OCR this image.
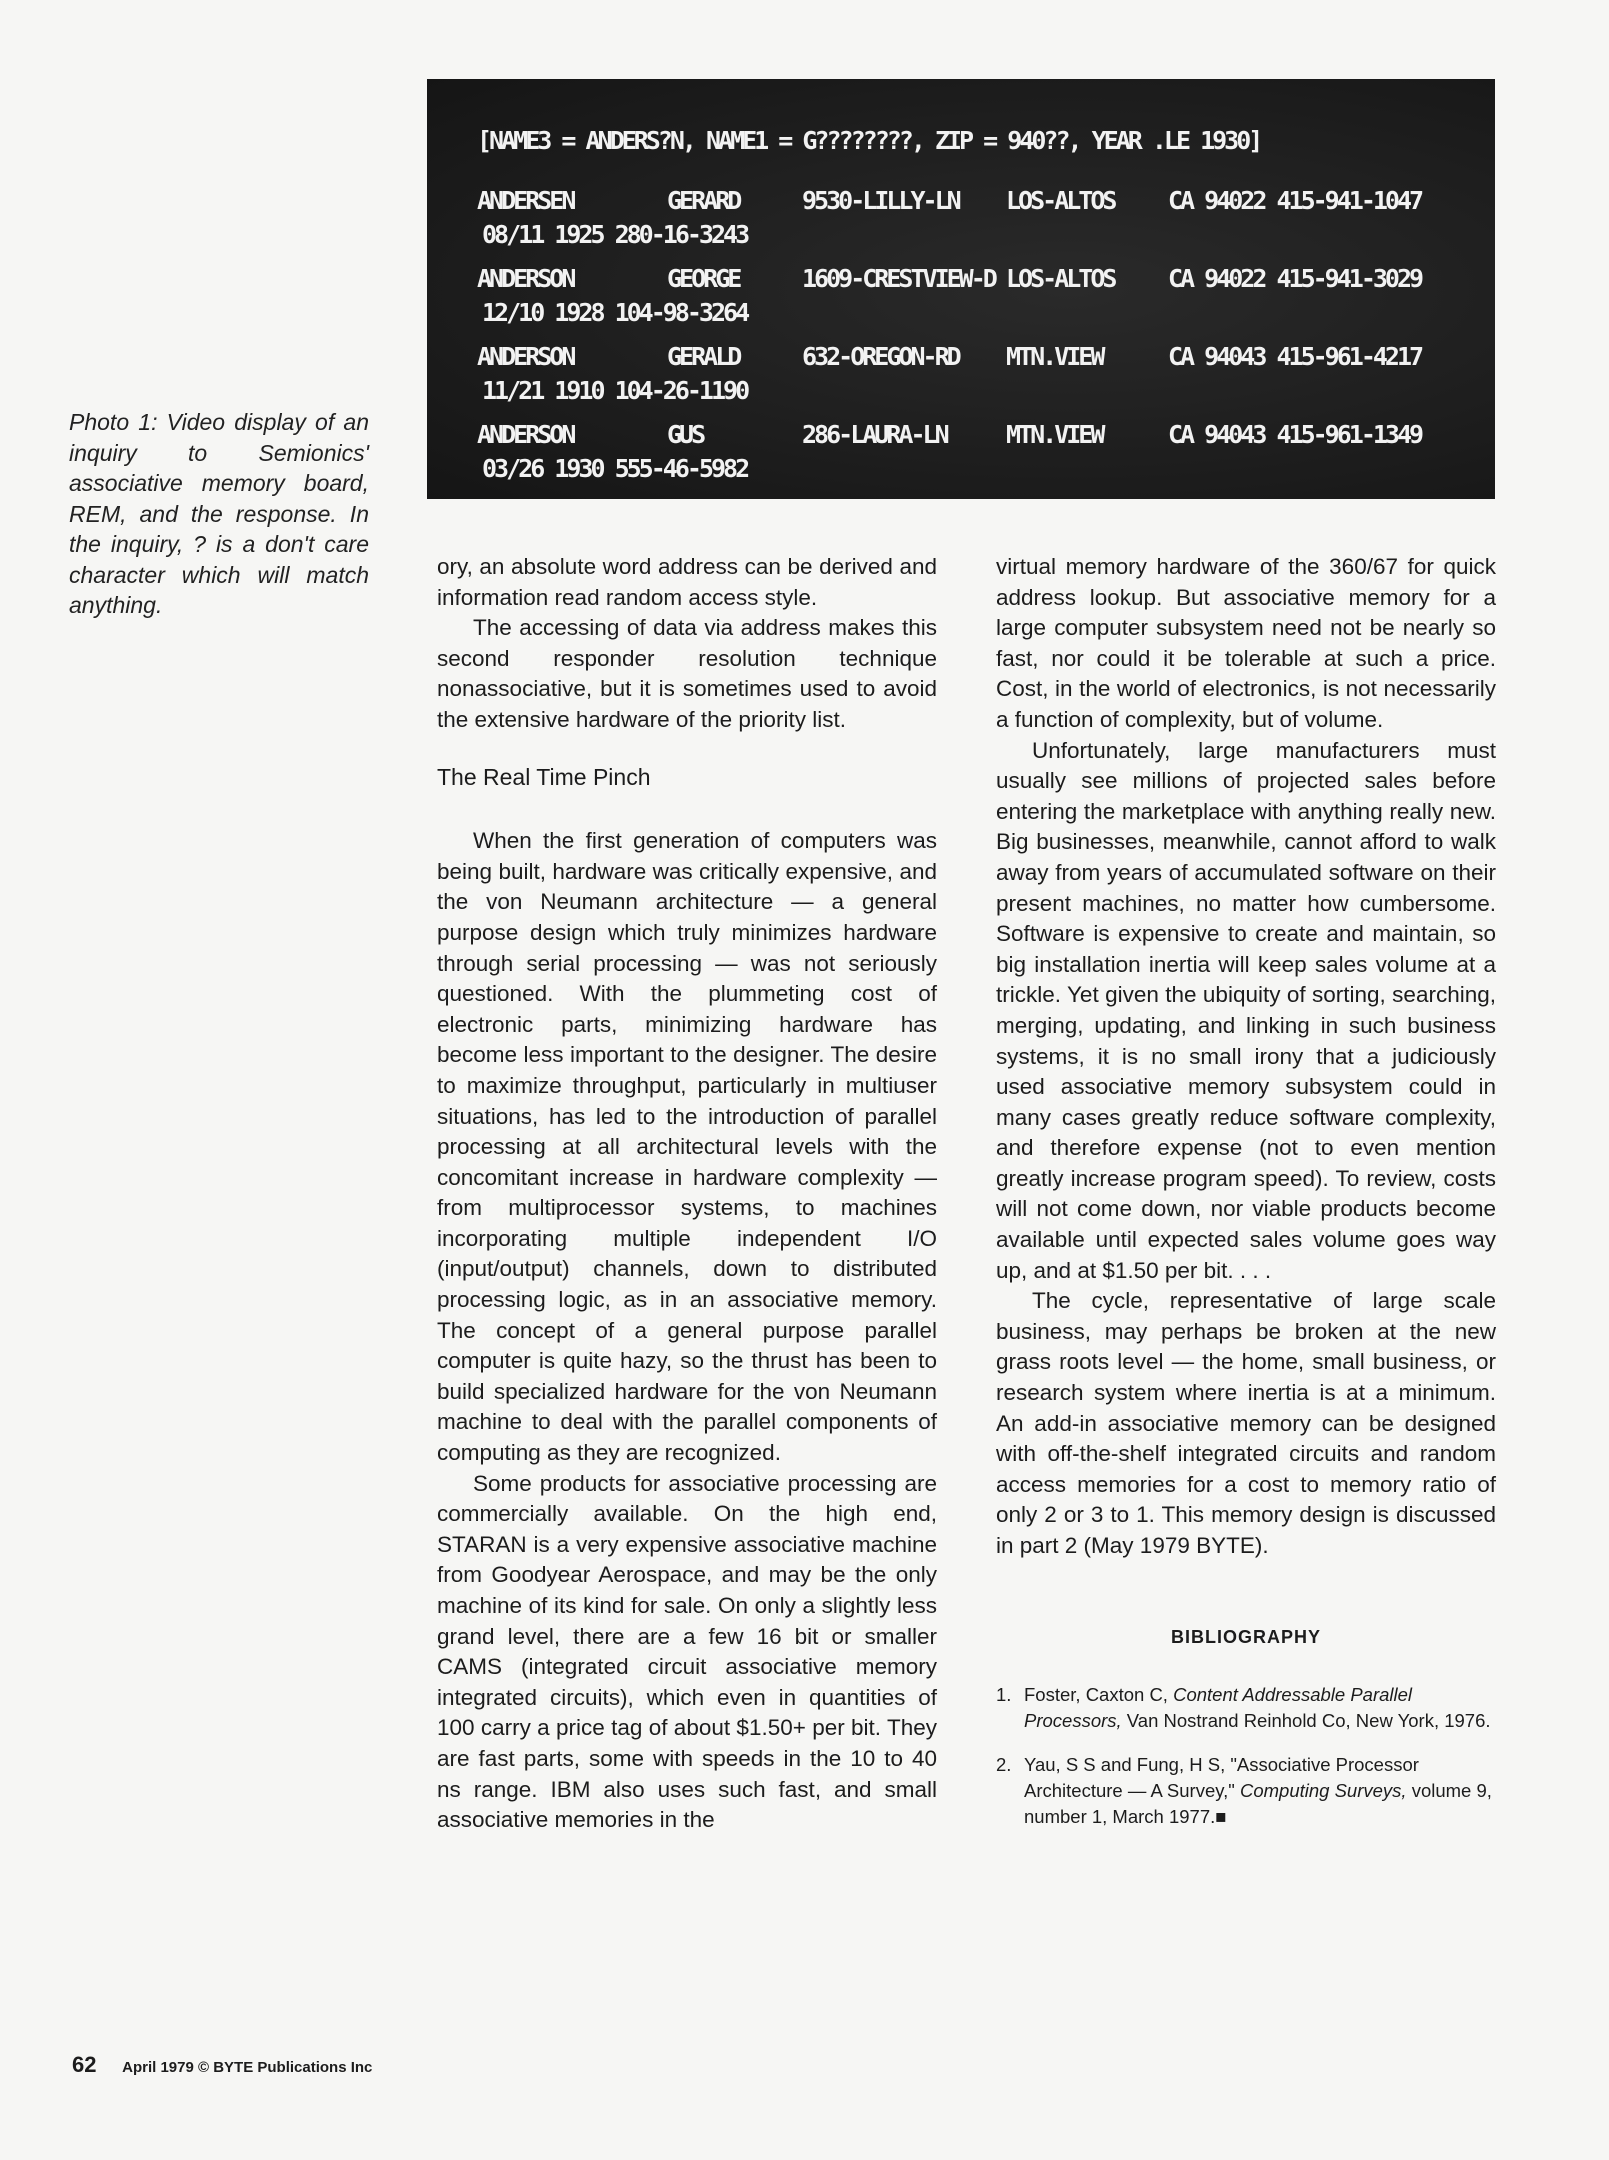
[NAME3 = ANDERS?N, NAME1 = G????????, ZIP = 940??, YEAR .LE 1930]
ANDERSEN	GERARD	9530-LILLY-LN LOS-ALTOS CA 94022 415-941-1047
08/11 1925 280-16-3243
ANDERSON	GEORGE	1609-CRESTVIEW-D LOS-ALTOS CA 94022 415-941-3029
12/10 1928 104-98-3264
ANDERSON	GERALD	632-OREGON-RD MTN.VIEW	CA 94043 415-961-4217
11/21 1910 104-26-1190
ANDERSON	GUS	286-LAURA-LN MTN.VIEW	CA 94043 415-961-1349
03/26 1930 555-46-5982
Photo 1: Video display of an inquiry to Semionics' associative memory board, REM, and the response. In the inquiry, ? is a don't care character which will match anything.

ory, an absolute word address can be derived and information read random access style.

The accessing of data via address makes this second responder resolution technique nonassociative, but it is sometimes used to avoid the extensive hardware of the priority list.

The Real Time Pinch

When the first generation of computers was being built, hardware was critically expensive, and the von Neumann architecture — a general purpose design which truly minimizes hardware through serial processing — was not seriously questioned. With the plummeting cost of electronic parts, minimizing hardware has become less important to the designer. The desire to maximize throughput, particularly in multiuser situations, has led to the introduction of parallel processing at all architectural levels with the concomitant increase in hardware complexity — from multiprocessor systems, to machines incorporating multiple independent I/O (input/output) channels, down to distributed processing logic, as in an associative memory. The concept of a general purpose parallel computer is quite hazy, so the thrust has been to build specialized hardware for the von Neumann machine to deal with the parallel components of computing as they are recognized.

Some products for associative processing are commercially available. On the high end, STARAN is a very expensive associative machine from Goodyear Aerospace, and may be the only machine of its kind for sale. On only a slightly less grand level, there are a few 16 bit or smaller CAMS (integrated circuit associative memory integrated circuits), which even in quantities of 100 carry a price tag of about $1.50+ per bit. They are fast parts, some with speeds in the 10 to 40 ns range. IBM also uses such fast, and small associative memories in the

virtual memory hardware of the 360/67 for quick address lookup. But associative memory for a large computer subsystem need not be nearly so fast, nor could it be tolerable at such a price. Cost, in the world of electronics, is not necessarily a function of complexity, but of volume.

Unfortunately, large manufacturers must usually see millions of projected sales before entering the marketplace with anything really new. Big businesses, meanwhile, cannot afford to walk away from years of accumulated software on their present machines, no matter how cumbersome. Software is expensive to create and maintain, so big installation inertia will keep sales volume at a trickle. Yet given the ubiquity of sorting, searching, merging, updating, and linking in such business systems, it is no small irony that a judiciously used associative memory subsystem could in many cases greatly reduce software complexity, and therefore expense (not to even mention greatly increase program speed). To review, costs will not come down, nor viable products become available until expected sales volume goes way up, and at $1.50 per bit. . . .

The cycle, representative of large scale business, may perhaps be broken at the new grass roots level — the home, small business, or research system where inertia is at a minimum. An add-in associative memory can be designed with off-the-shelf integrated circuits and random access memories for a cost to memory ratio of only 2 or 3 to 1. This memory design is discussed in part 2 (May 1979 BYTE).

BIBLIOGRAPHY
1. Foster, Caxton C, Content Addressable Parallel Processors, Van Nostrand Reinhold Co, New York, 1976.
2. Yau, S S and Fung, H S, "Associative Processor Architecture — A Survey," Computing Surveys, volume 9, number 1, March 1977.■
62 April 1979 © BYTE Publications Inc
